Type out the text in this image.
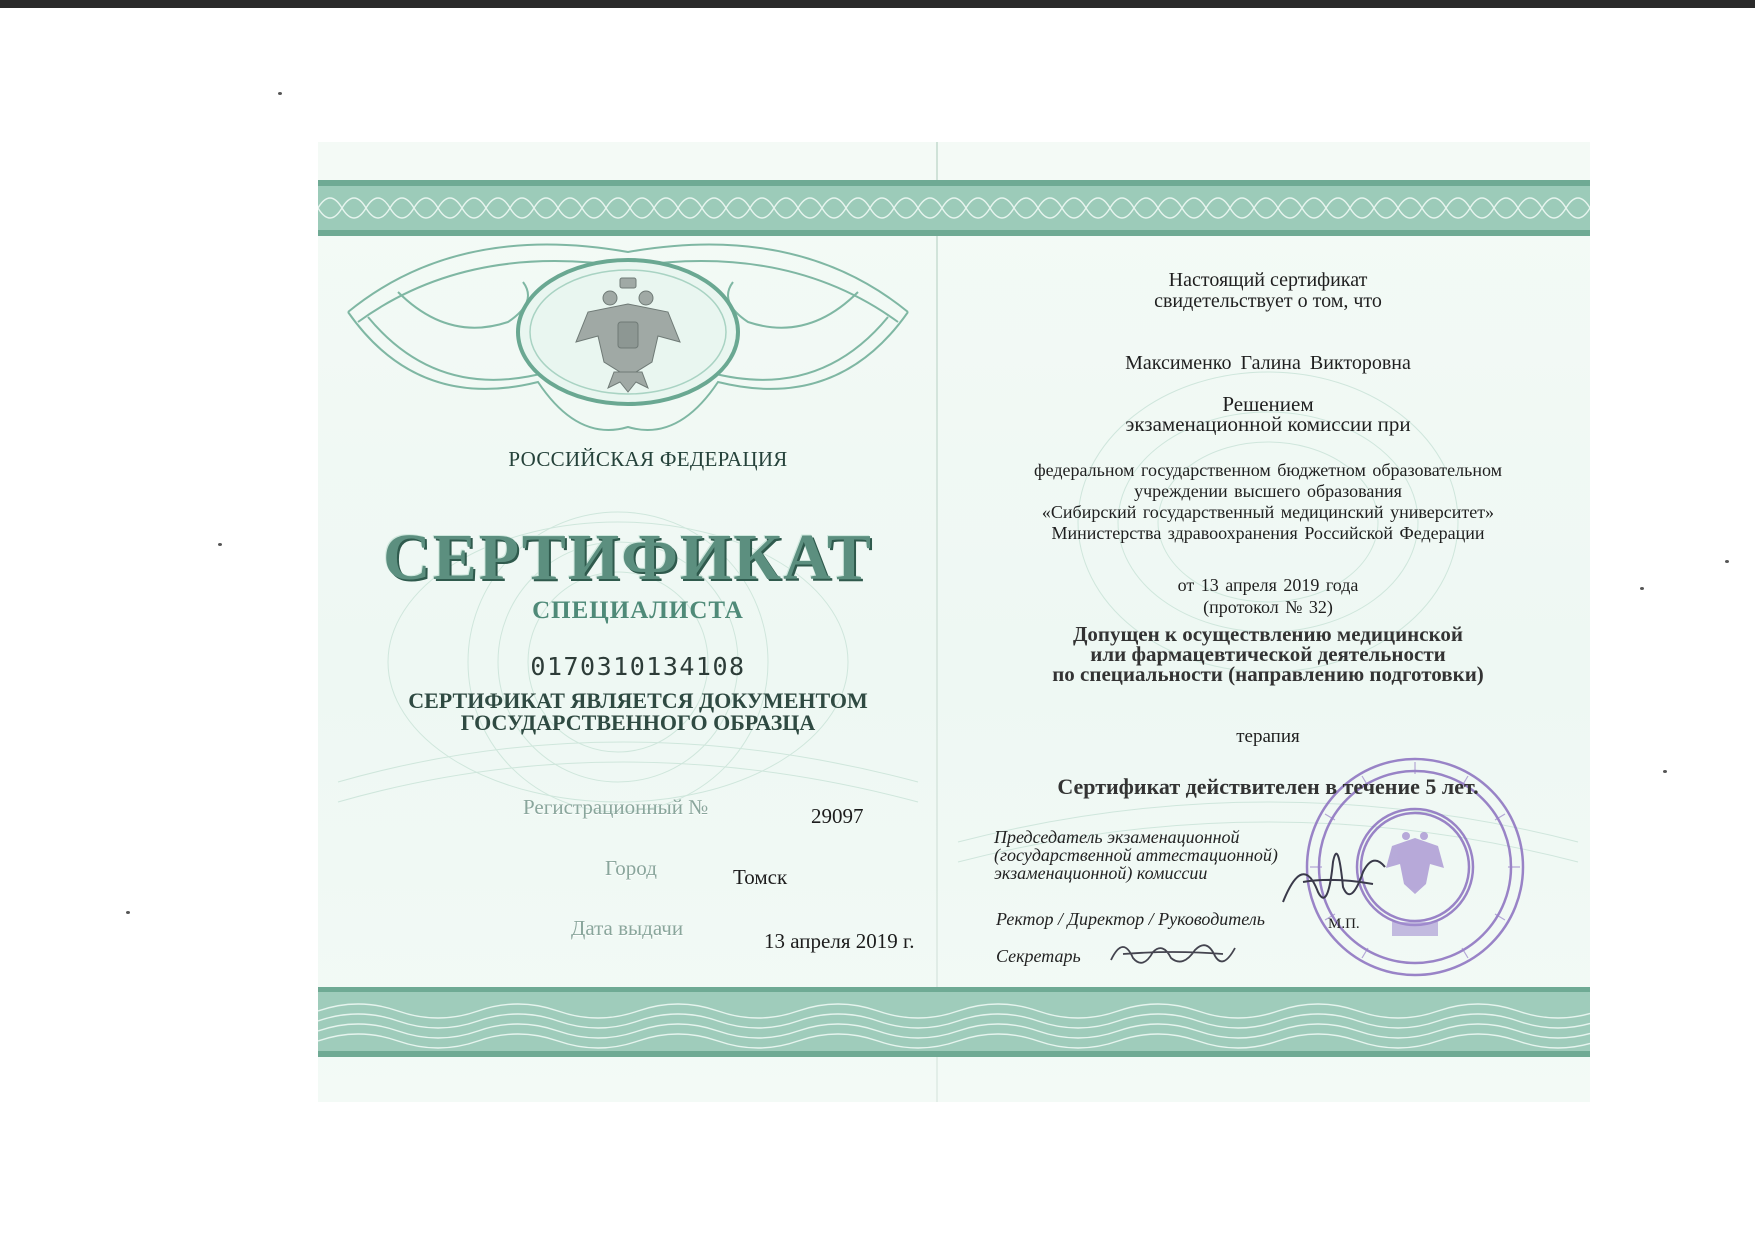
РОССИЙСКАЯ ФЕДЕРАЦИЯ
СЕРТИФИКАТ
СПЕЦИАЛИСТА
0170310134108
СЕРТИФИКАТ ЯВЛЯЕТСЯ ДОКУМЕНТОМ
ГОСУДАРСТВЕННОГО ОБРАЗЦА
Регистрационный №	29097
Город	Томск
Дата выдачи
13 апреля 2019 г.
Настоящий сертификат
свидетельствует о том, что
Максименко Галина Викторовна
Решением
экзаменационной комиссии при
федеральном государственном бюджетном образовательном
учреждении высшего образования
«Сибирский государственный медицинский университет»
Министерства здравоохранения Российской Федерации
от 13 апреля 2019 года
(протокол № 32)
Допущен к осуществлению медицинской
или фармацевтической деятельности
по специальности (направлению подготовки)
терапия
Сертификат действителен в течение 5 лет.
Председатель экзаменационной
(государственной аттестационной)
экзаменационной) комиссии
Ректор / Директор / Руководитель
Секретарь
М.П.
